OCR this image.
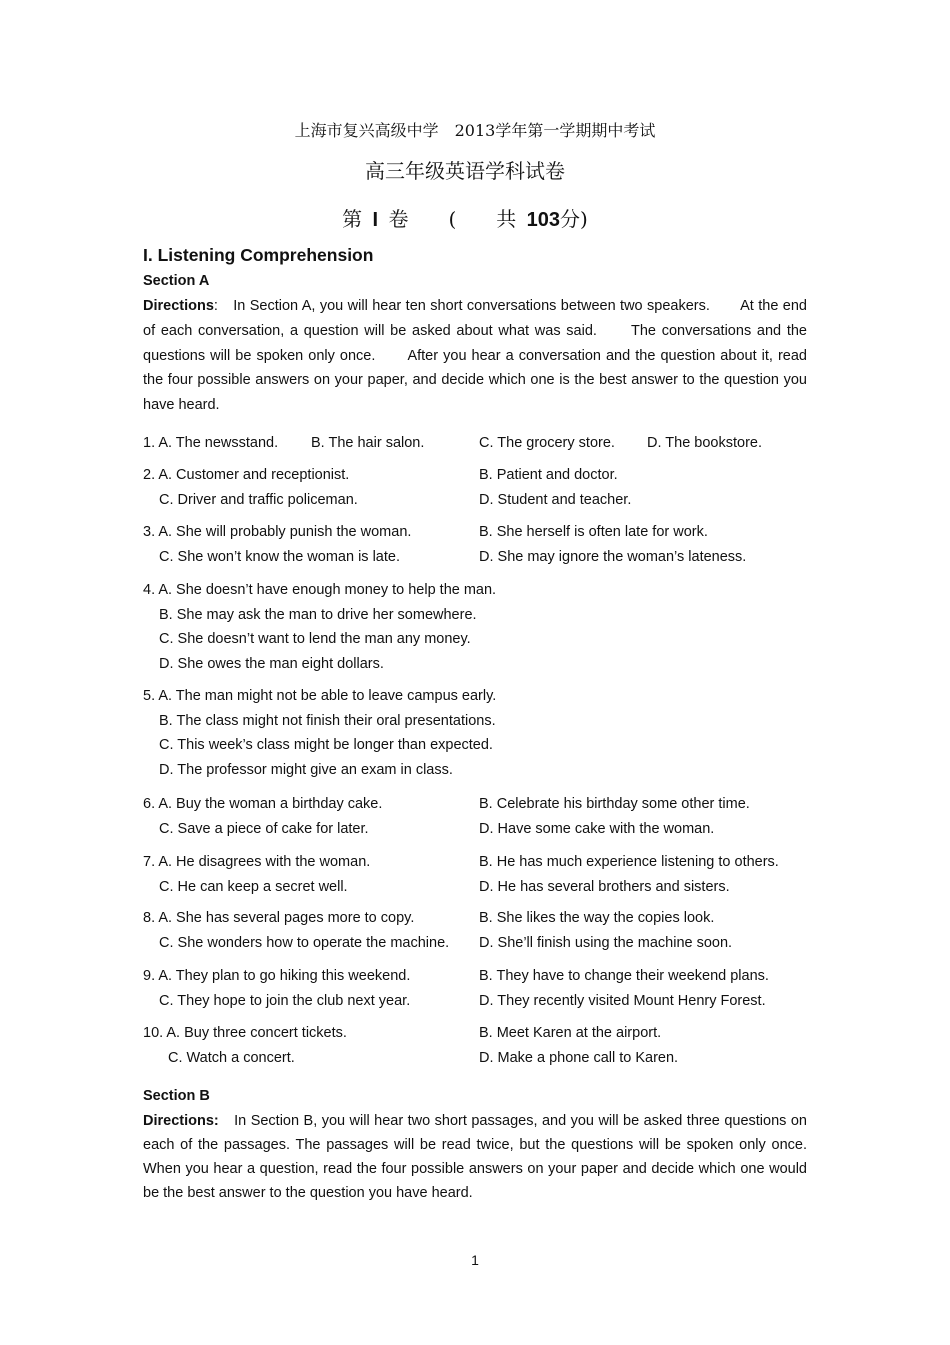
上海市复兴高级中学　2013学年第一学期期中考试
高三年级英语学科试卷
第 I 卷　　(　　共 103分)
I. Listening Comprehension
Section A
Directions:　In Section A, you will hear ten short conversations between two speakers.　　At the end of each conversation, a question will be asked about what was said.　　The conversations and the questions will be spoken only once.　　After you hear a conversation and the question about it, read the four possible answers on your paper, and decide which one is the best answer to the question you have heard.
1. A. The newsstand. B. The hair salon.	C. The grocery store. D. The bookstore.
2. A. Customer and receptionist.	B. Patient and doctor.
C. Driver and traffic policeman.	D. Student and teacher.
3. A. She will probably punish the woman.	B. She herself is often late for work.
C. She won’t know the woman is late.	D. She may ignore the woman’s lateness.
4. A. She doesn’t have enough money to help the man.
B. She may ask the man to drive her somewhere.
C. She doesn’t want to lend the man any money.
D. She owes the man eight dollars.
5. A. The man might not be able to leave campus early.
B. The class might not finish their oral presentations.
C. This week’s class might be longer than expected.
D. The professor might give an exam in class.
6. A. Buy the woman a birthday cake.	B. Celebrate his birthday some other time.
C. Save a piece of cake for later.	D. Have some cake with the woman.
7. A. He disagrees with the woman.	B. He has much experience listening to others.
C. He can keep a secret well.	D. He has several brothers and sisters.
8. A. She has several pages more to copy.	B. She likes the way the copies look.
C. She wonders how to operate the machine. D. She’ll finish using the machine soon.
9. A. They plan to go hiking this weekend.	B. They have to change their weekend plans.
C. They hope to join the club next year.	D. They recently visited Mount Henry Forest.
10. A. Buy three concert tickets.	B. Meet Karen at the airport.
C. Watch a concert.	D. Make a phone call to Karen.
Section B
Directions:　In Section B, you will hear two short passages, and you will be asked three questions on each of the passages. The passages will be read twice, but the questions will be spoken only once.　When you hear a question, read the four possible answers on your paper and decide which one would be the best answer to the question you have heard.
1
